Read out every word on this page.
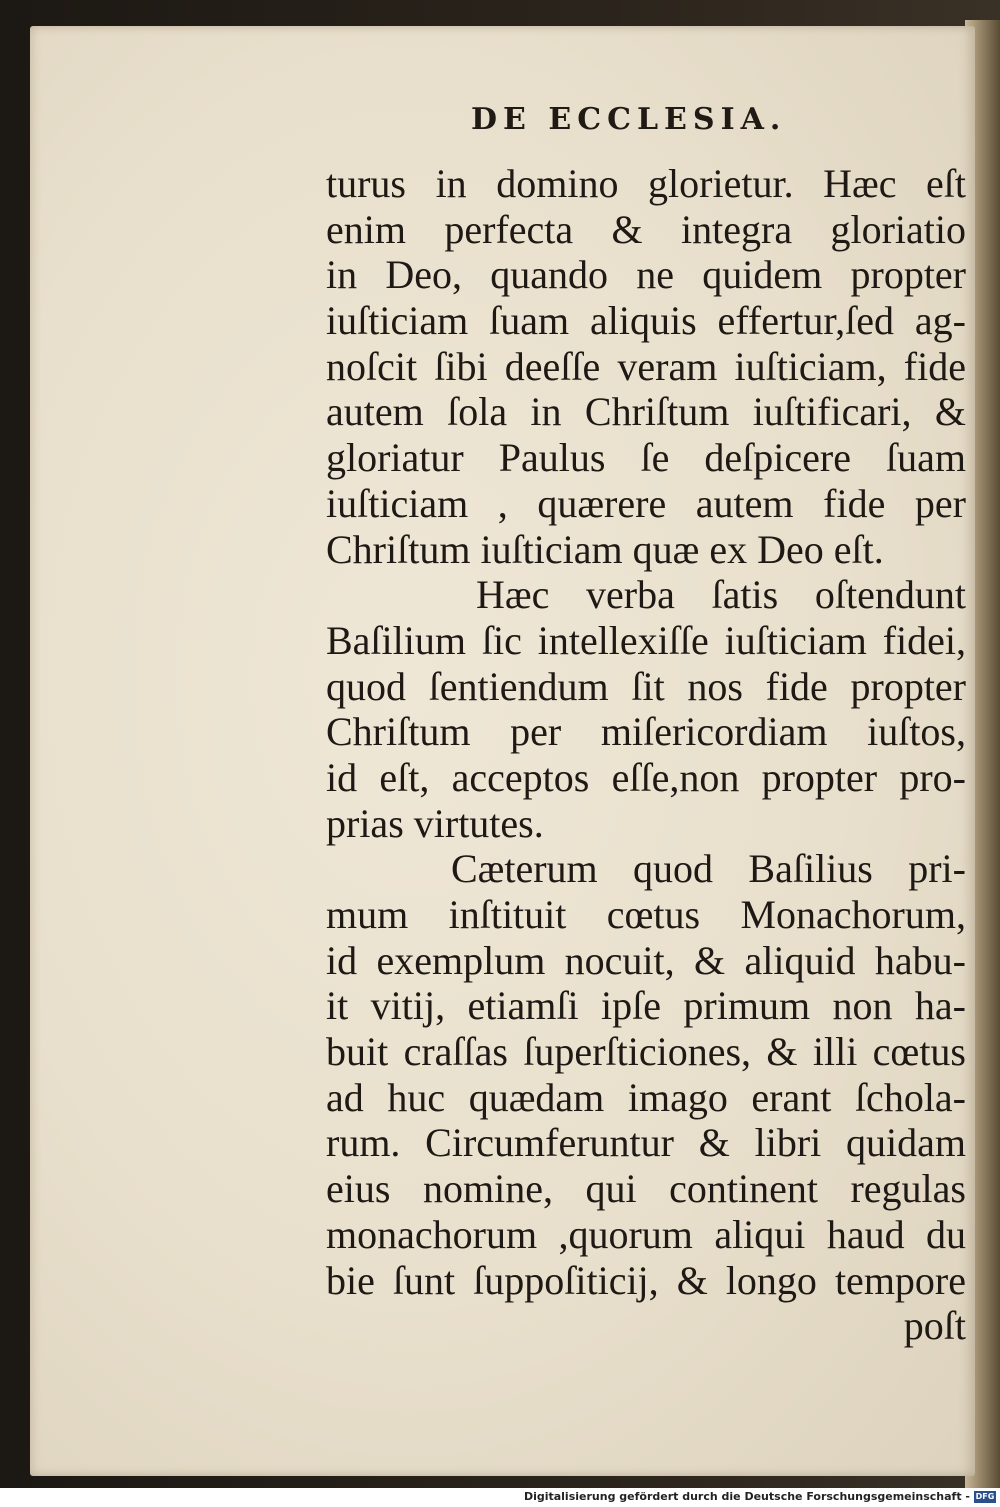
DE ECCLESIA.
turus in domino glorietur. Hæc eſt
enim perfecta & integra gloriatio
in Deo, quando ne quidem propter
iuſticiam ſuam aliquis effertur,ſed ag-
noſcit ſibi deeſſe veram iuſticiam, fide
autem ſola in Chriſtum iuſtificari, &
gloriatur Paulus ſe deſpicere ſuam
iuſticiam , quærere autem fide per
Chriſtum iuſticiam quæ ex Deo eſt.
Hæc verba ſatis oſtendunt
Baſilium ſic intellexiſſe iuſticiam fidei,
quod ſentiendum ſit nos fide propter
Chriſtum per miſericordiam iuſtos,
id eſt, acceptos eſſe,non propter pro-
prias virtutes.
Cæterum quod Baſilius pri-
mum inſtituit cœtus Monachorum,
id exemplum nocuit, & aliquid habu-
it vitij, etiamſi ipſe primum non ha-
buit craſſas ſuperſticiones, & illi cœtus
ad huc quædam imago erant ſchola-
rum. Circumferuntur & libri quidam
eius nomine, qui continent regulas
monachorum ,quorum aliqui haud du
bie ſunt ſuppoſiticij, & longo tempore
poſt
Digitalisierung gefördert durch die Deutsche Forschungsgemeinschaft - DFG
